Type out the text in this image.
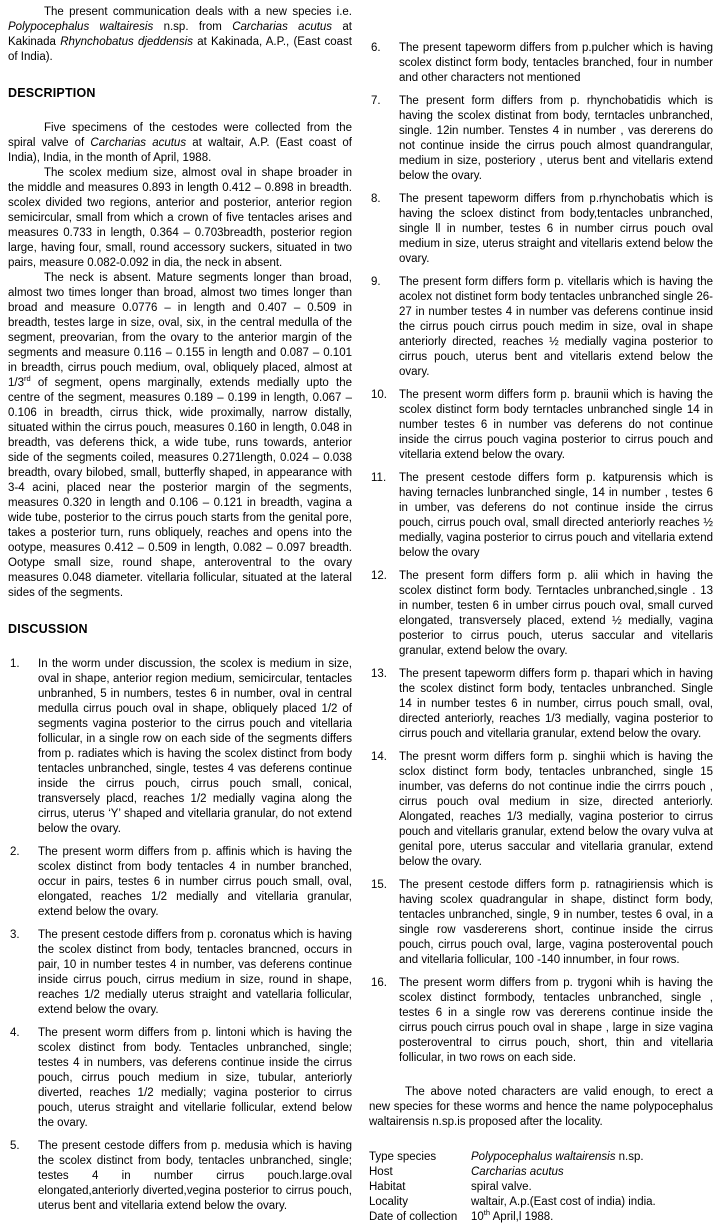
The present communication deals with a new species i.e. Polypocephalus waltairesis n.sp. from Carcharias acutus at Kakinada Rhynchobatus djeddensis at Kakinada, A.P., (East coast of India).

DESCRIPTION

Five specimens of the cestodes were collected from the spiral valve of Carcharias acutus at waltair, A.P. (East coast of India), India, in the month of April, 1988.

The scolex medium size, almost oval in shape broader in the middle and measures 0.893 in length 0.412 – 0.898 in breadth. scolex divided two regions, anterior and posterior, anterior region semicircular, small from which a crown of five tentacles arises and measures 0.733 in length, 0.364 – 0.703breadth, posterior region large, having four, small, round accessory suckers, situated in two pairs, measure 0.082-0.092 in dia, the neck in absent.

The neck is absent. Mature segments longer than broad, almost two times longer than broad, almost two times longer than broad and measure 0.0776 – in length and 0.407 – 0.509 in breadth, testes large in size, oval, six, in the central medulla of the segment, preovarian, from the ovary to the anterior margin of the segments and measure 0.116 – 0.155 in length and 0.087 – 0.101 in breadth, cirrus pouch medium, oval, obliquely placed, almost at 1/3rd of segment, opens marginally, extends medially upto the centre of the segment, measures 0.189 – 0.199 in length, 0.067 – 0.106 in breadth, cirrus thick, wide proximally, narrow distally, situated within the cirrus pouch, measures 0.160 in length, 0.048 in breadth, vas deferens thick, a wide tube, runs towards, anterior side of the segments coiled, measures 0.271length, 0.024 – 0.038 breadth, ovary bilobed, small, butterfly shaped, in appearance with 3-4 acini, placed near the posterior margin of the segments, measures 0.320 in length and 0.106 – 0.121 in breadth, vagina a wide tube, posterior to the cirrus pouch starts from the genital pore, takes a posterior turn, runs obliquely, reaches and opens into the ootype, measures 0.412 – 0.509 in length, 0.082 – 0.097 breadth. Ootype small size, round shape, anteroventral to the ovary measures 0.048 diameter. vitellaria follicular, situated at the lateral sides of the segments.

DISCUSSION
1.	In the worm under discussion, the scolex is medium in size, oval in shape, anterior region medium, semicircular, tentacles unbranhed, 5 in numbers, testes 6 in number, oval in central medulla cirrus pouch oval in shape, obliquely placed 1/2 of segments vagina posterior to the cirrus pouch and vitellaria follicular, in a single row on each side of the segments differs from p. radiates which is having the scolex distinct from body tentacles unbranched, single, testes 4 vas deferens continue inside the cirrus pouch, cirrus pouch small, conical, transversely placd, reaches 1/2 medially vagina along the cirrus, uterus ‘Y’ shaped and vitellaria granular, do not extend below the ovary.
2.	The present worm differs from p. affinis which is having the scolex distinct from body tentacles 4 in number branched, occur in pairs, testes 6 in number cirrus pouch small, oval, elongated, reaches 1/2 medially and vitellaria granular, extend below the ovary.
3.	The present cestode differs from p. coronatus which is having the scolex distinct from body, tentacles brancned, occurs in pair, 10 in number testes 4 in number, vas deferens continue inside cirrus pouch, cirrus medium in size, round in shape, reaches 1/2 medially uterus straight and vatellaria follicular, extend below the ovary.
4.	The present worm differs from p. lintoni which is having the scolex distinct from body. Tentacles unbranched, single; testes 4 in numbers, vas deferens continue inside the cirrus pouch, cirrus pouch medium in size, tubular, anteriorly diverted, reaches 1/2 medially; vagina posterior to cirrus pouch, uterus straight and vitellarie follicular, extend below the ovary.
5.	The present cestode differs from p. medusia which is having the scolex distinct from body, tentacles unbranched, single; testes 4 in number cirrus pouch.large.oval elongated,anteriorly diverted,vegina posterior to cirrus pouch, uterus bent and vitellaria extend below the ovary.
6.	The present tapeworm differs from p.pulcher which is having scolex distinct form body, tentacles branched, four in number and other characters not mentioned
7.	The present form differs from p. rhynchobatidis which is having the scolex distinat from body, terntacles unbranched, single. 12in number. Tenstes 4 in number , vas dererens do not continue inside the cirrus pouch almost quandrangular, medium in size, posteriory , uterus bent and vitellaris extend below the ovary.
8.	The present tapeworm differs from p.rhynchobatis which is having the scloex distinct from body,tentacles unbranched, single ll in number, testes 6 in number cirrus pouch oval medium in size, uterus straight and vitellaris extend below the ovary.
9.	The present form differs form p. vitellaris which is having the acolex not distinet form body tentacles unbranched single 26-27 in number testes 4 in number vas deferens continue insid the cirrus pouch cirrus pouch medim in size, oval in shape anteriorly directed, reaches ½ medially vagina posterior to cirrus pouch, uterus bent and vitellaris extend below the ovary.
10.	The present worm differs form p. braunii which is having the scolex distinct form body terntacles unbranched single 14 in number testes 6 in number vas deferens do not continue inside the cirrus pouch vagina posterior to cirrus pouch and vitellaria extend below the ovary.
11.	The present cestode differs form p. katpurensis which is having ternacles lunbranched single, 14 in number , testes 6 in umber, vas deferens do not continue inside the cirrus pouch, cirrus pouch oval, small directed anteriorly reaches ½ medially, vagina posterior to cirrus pouch and vitellaria extend below the ovary
12.	The present form differs form p. alii which in having the scolex distinct form body. Terntacles unbranched,single . 13 in number, testen 6 in umber cirrus pouch oval, small curved elongated, transversely placed, extend ½ medially, vagina posterior to cirrus pouch, uterus saccular and vitellaris granular, extend below the ovary.
13.	The present tapeworm differs form p. thapari which in having the scolex distinct form body, tentacles unbranched. Single 14 in number testes 6 in number, cirrus pouch small, oval, directed anteriorly, reaches 1/3 medially, vagina posterior to cirrus pouch and vitellaria granular, extend below the ovary.
14.	The presnt worm differs form p. singhii which is having the sclox distinct form body, tentacles unbranched, single 15 inumber, vas deferns do not continue indie the cirrrs pouch , cirrus pouch oval medium in size, directed anteriorly. Alongated, reaches 1/3 medially, vagina posterior to cirrus pouch and vitellaris granular, extend below the ovary vulva at genital pore, uterus saccular and vitellaria granular, extend below the ovary.
15.	The present cestode differs form p. ratnagiriensis which is having scolex quadrangular in shape, distinct form body, tentacles unbranched, single, 9 in number, testes 6 oval, in a single row vasdererens short, continue inside the cirrus pouch, cirrus pouch oval, large, vagina posterovental pouch and vitellaria follicular, 100 -140 innumber, in four rows.
16.	The present worm differs from p. trygoni whih is having the scolex distinct formbody, tentacles unbranched, single , testes 6 in a single row vas dererens continue inside the cirrus pouch cirrus pouch oval in shape , large in size vagina posteroventral to cirrus pouch, short, thin and vitellaria follicular, in two rows on each side.

The above noted characters are valid enough, to erect a new species for these worms and hence the name polypocephalus waltairensis n.sp.is proposed after the locality.

Type species	Polypocephalus waltairensis n.sp.
Host	Carcharias acutus
Habitat	spiral valve.
Locality	waltair, A.p.(East cost of india) india.
Date of collection	10th April,l 1988.
